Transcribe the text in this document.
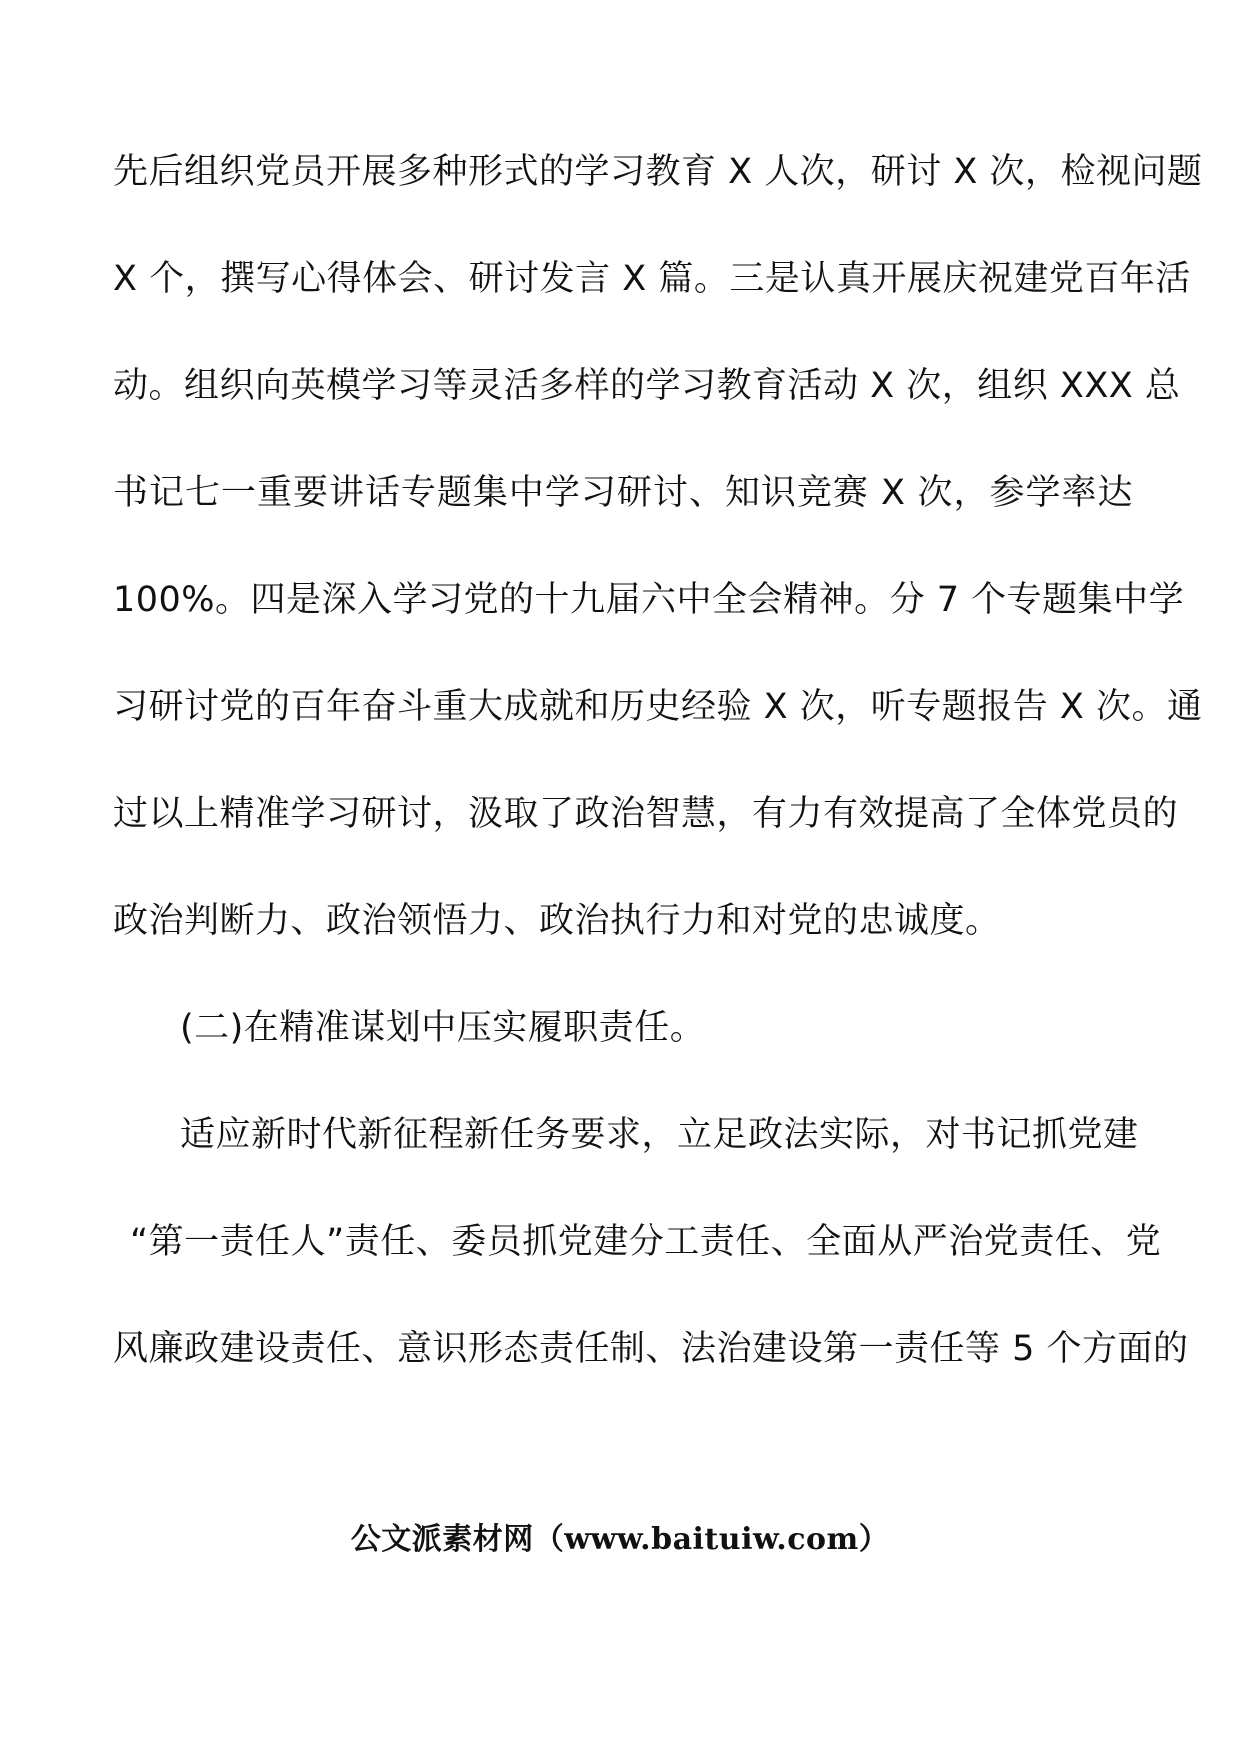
先后组织党员开展多种形式的学习教育 X 人次，研讨 X 次，检视问题
X 个，撰写心得体会、研讨发言 X 篇。三是认真开展庆祝建党百年活
动。组织向英模学习等灵活多样的学习教育活动 X 次，组织 XXX 总
书记七一重要讲话专题集中学习研讨、知识竞赛 X 次，参学率达
100%。四是深入学习党的十九届六中全会精神。分 7 个专题集中学
习研讨党的百年奋斗重大成就和历史经验 X 次，听专题报告 X 次。通
过以上精准学习研讨，汲取了政治智慧，有力有效提高了全体党员的
政治判断力、政治领悟力、政治执行力和对党的忠诚度。
(二)在精准谋划中压实履职责任。
适应新时代新征程新任务要求，立足政法实际，对书记抓党建
“第一责任人”责任、委员抓党建分工责任、全面从严治党责任、党
风廉政建设责任、意识形态责任制、法治建设第一责任等 5 个方面的
公文派素材网（www.baituiw.com）
